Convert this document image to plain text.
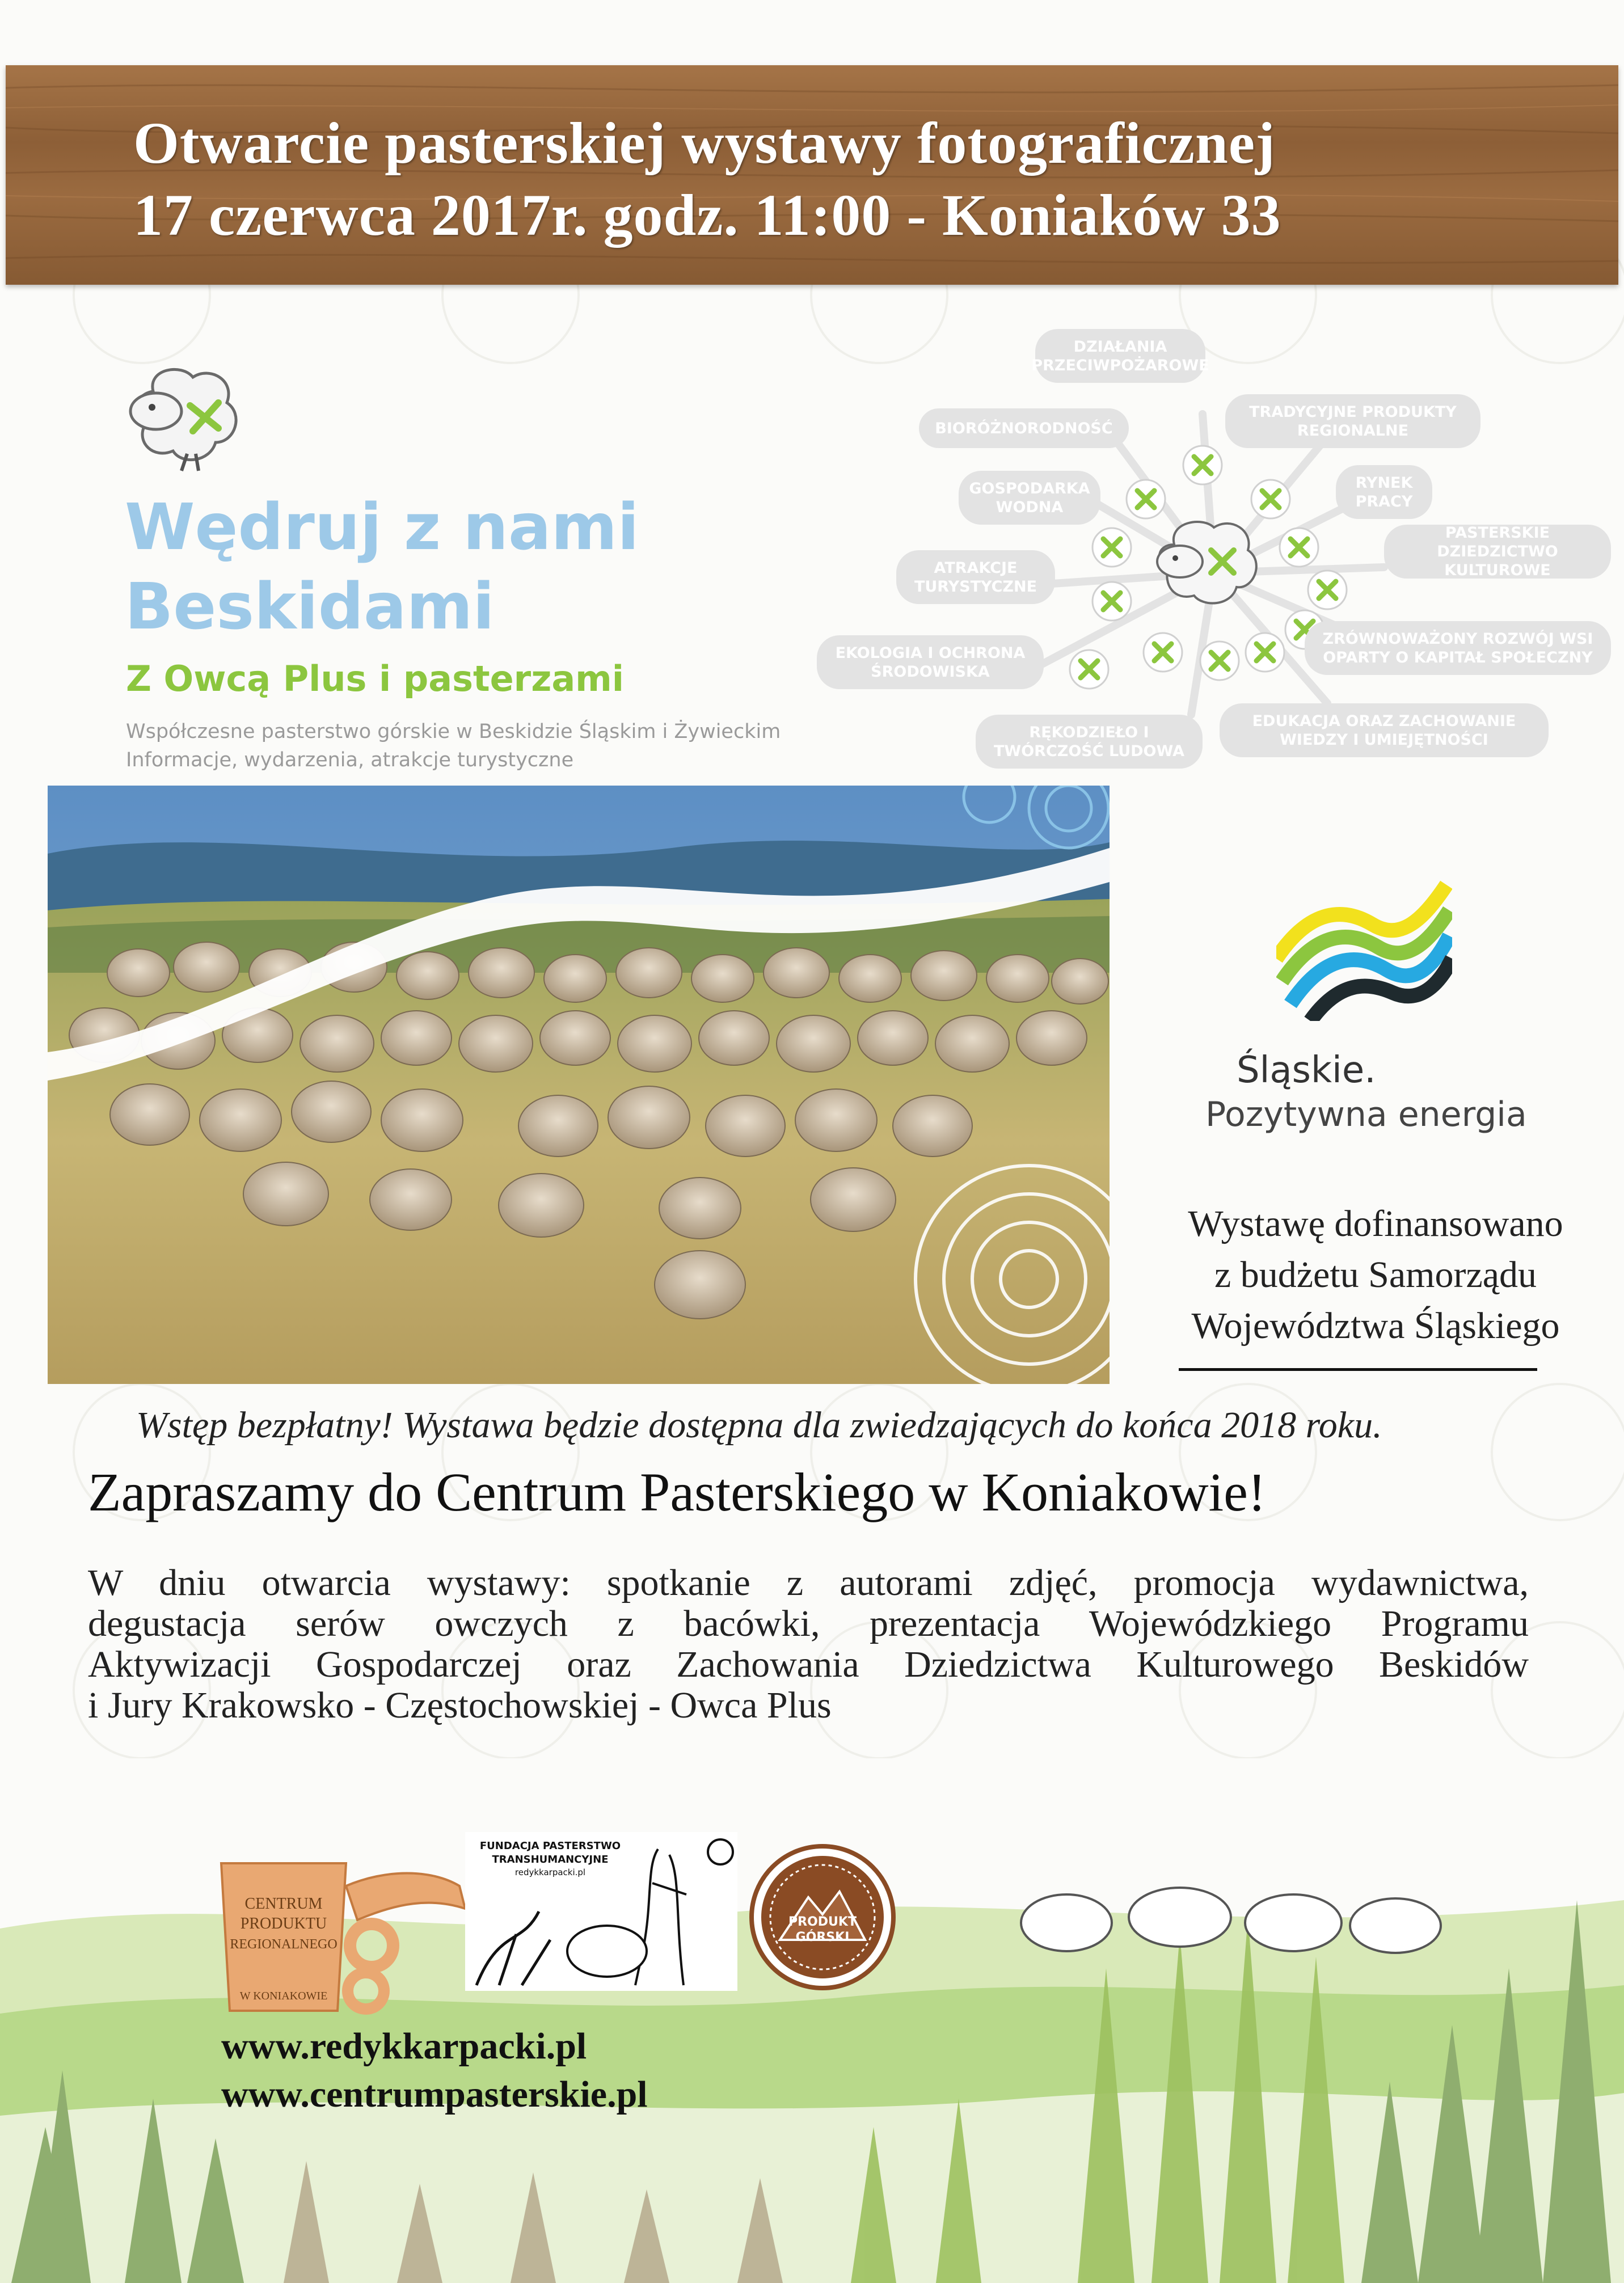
Otwarcie pasterskiej wystawy fotograficznej
17 czerwca 2017r. godz. 11:00 - Koniaków 33
Wędruj z nami Beskidami
Z Owcą Plus i pasterzami
Współczesne pasterstwo górskie w Beskidzie Śląskim i Żywieckim
Informacje, wydarzenia, atrakcje turystyczne
DZIAŁANIA PRZECIWPOŻAROWE
TRADYCYJNE PRODUKTY REGIONALNE
BIORÓŻNORODNOŚĆ
GOSPODARKA WODNA
RYNEK PRACY
PASTERSKIE DZIEDZICTWO KULTUROWE
ATRAKCJE TURYSTYCZNE
ZRÓWNOWAŻONY ROZWÓJ WSI OPARTY O KAPITAŁ SPOŁECZNY
EKOLOGIA I OCHRONA ŚRODOWISKA
EDUKACJA ORAZ ZACHOWANIE WIEDZY I UMIEJĘTNOŚCI
RĘKODZIEŁO I TWÓRCZOŚĆ LUDOWA
Śląskie.
Pozytywna energia
Wystawę dofinansowano
z budżetu Samorządu
Województwa Śląskiego
Wstęp bezpłatny! Wystawa będzie dostępna dla zwiedzających do końca 2018 roku.
Zapraszamy do Centrum Pasterskiego w Koniakowie!

W dniu otwarcia wystawy: spotkanie z autorami zdjęć, promocja wydawnictwa,

degustacja serów owczych z bacówki, prezentacja Wojewódzkiego Programu

Aktywizacji Gospodarczej oraz Zachowania Dziedzictwa Kulturowego Beskidów

i Jury Krakowsko - Częstochowskiej - Owca Plus

CENTRUM
PRODUKTU
REGIONALNEGO
W KONIAKOWIE
FUNDACJA PASTERSTWO
TRANSHUMANCYJNE
redykkarpacki.pl
PRODUKT
GÓRSKI
www.redykkarpacki.pl
www.centrumpasterskie.pl
